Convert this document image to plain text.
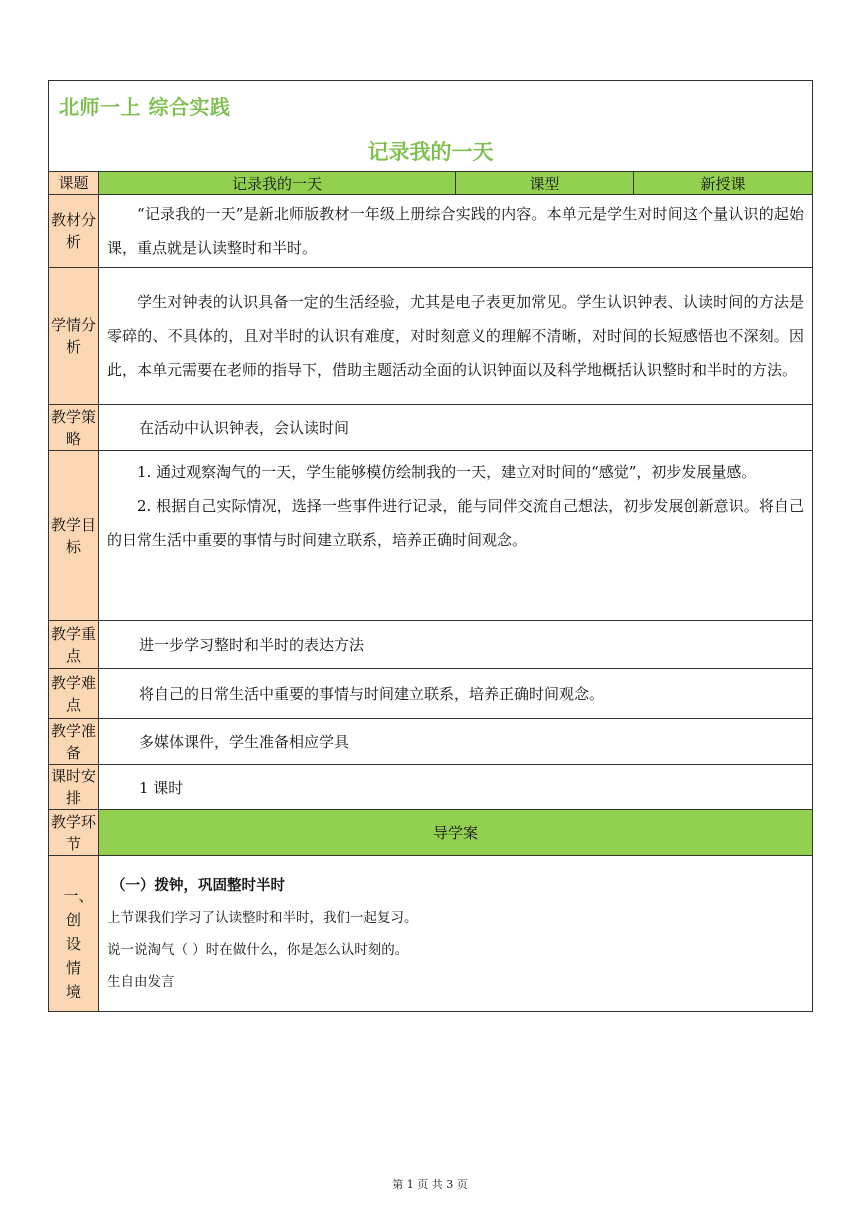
北师一上 综合实践
记录我的一天			

课题	记录我的一天	课型	新授课
教材分析	“记录我的一天”是新北师版教材一年级上册综合实践的内容。本单元是学生对时间这个量认识的起始课，重点就是认读整时和半时。		

学情分析	学生对钟表的认识具备一定的生活经验，尤其是电子表更加常见。学生认识钟表、认读时间的方法是零碎的、不具体的，且对半时的认识有难度，对时刻意义的理解不清晰，对时间的长短感悟也不深刻。因此，本单元需要在老师的指导下，借助主题活动全面的认识钟面以及科学地概括认识整时和半时的方法。		

教学策略	在活动中认识钟表，会认读时间		
教学目标	1. 通过观察淘气的一天，学生能够模仿绘制我的一天，建立对时间的“感觉”，初步发展量感。

2. 根据自己实际情况，选择一些事件进行记录，能与同伴交流自己想法，初步发展创新意识。将自己的日常生活中重要的事情与时间建立联系，培养正确时间观念。		

教学重点	进一步学习整时和半时的表达方法		
教学难点	将自己的日常生活中重要的事情与时间建立联系，培养正确时间观念。		
教学准备	多媒体课件，学生准备相应学具		
课时安排	1 课时		
教学环节	导学案		
一、创设情境	（一）拨钟，巩固整时半时
上节课我们学习了认读整时和半时，我们一起复习。
说一说淘气（ ）时在做什么，你是怎么认时刻的。
生自由发言		
第 1 页 共 3 页
